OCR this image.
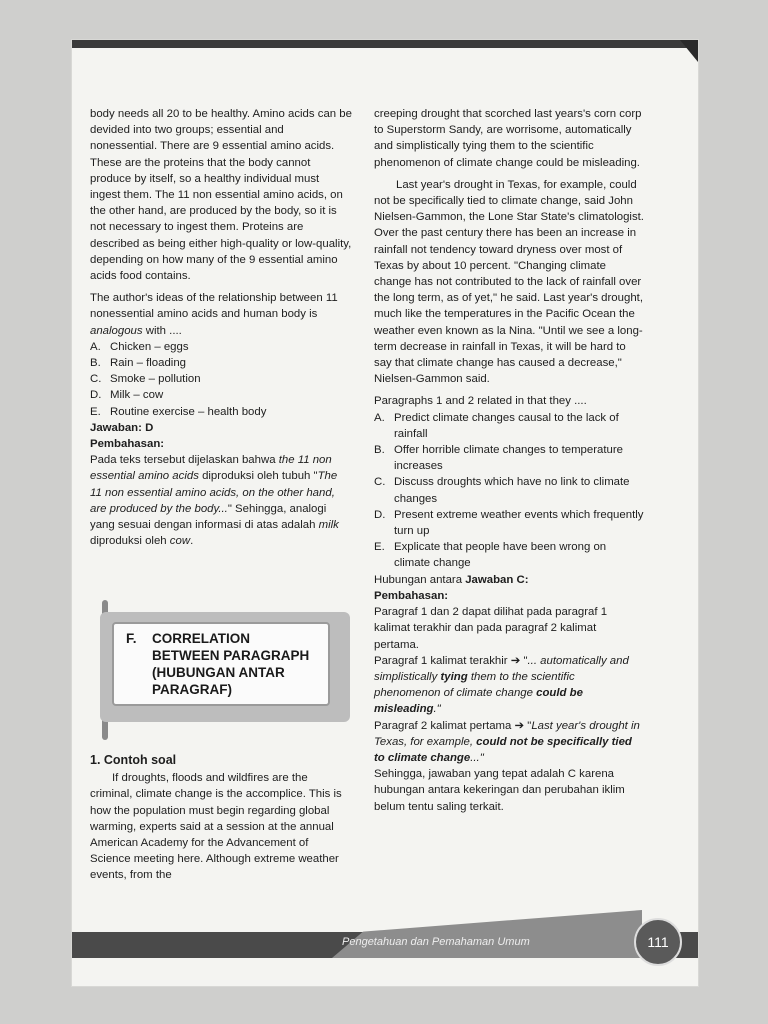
body needs all 20 to be healthy. Amino acids can be devided into two groups; essential and nonessential. There are 9 essential amino acids. These are the proteins that the body cannot produce by itself, so a healthy individual must ingest them. The 11 non essential amino acids, on the other hand, are produced by the body, so it is not necessary to ingest them. Proteins are described as being either high-quality or low-quality, depending on how many of the 9 essential amino acids food contains.

The author's ideas of the relationship between 11 nonessential amino acids and human body is analogous with ....

A. Chicken – eggs
B. Rain – floading
C. Smoke – pollution
D. Milk – cow
E. Routine exercise – health body
Jawaban: D
Pembahasan:

Pada teks tersebut dijelaskan bahwa the 11 non essential amino acids diproduksi oleh tubuh "The 11 non essential amino acids, on the other hand, are produced by the body..." Sehingga, analogi yang sesuai dengan informasi di atas adalah milk diproduksi oleh cow.

F.	CORRELATION
BETWEEN PARAGRAPH
(HUBUNGAN ANTAR
PARAGRAF)
1. Contoh soal

If droughts, floods and wildfires are the criminal, climate change is the accomplice. This is how the population must begin regarding global warming, experts said at a session at the annual American Academy for the Advancement of Science meeting here. Although extreme weather events, from the

creeping drought that scorched last years's corn corp to Superstorm Sandy, are worrisome, automatically and simplistically tying them to the scientific phenomenon of climate change could be misleading.

Last year's drought in Texas, for example, could not be specifically tied to climate change, said John Nielsen-Gammon, the Lone Star State's climatologist. Over the past century there has been an increase in rainfall not tendency toward dryness over most of Texas by about 10 percent. "Changing climate change has not contributed to the lack of rainfall over the long term, as of yet," he said. Last year's drought, much like the temperatures in the Pacific Ocean the weather even known as la Nina. "Until we see a long-term decrease in rainfall in Texas, it will be hard to say that climate change has caused a decrease," Nielsen-Gammon said.

Paragraphs 1 and 2 related in that they ....
A. Predict climate changes causal to the lack of rainfall
B. Offer horrible climate changes to temperature increases
C. Discuss droughts which have no link to climate changes
D. Present extreme weather events which frequently turn up
E. Explicate that people have been wrong on climate change
Hubungan antara Jawaban C:
Pembahasan:
Paragraf 1 dan 2 dapat dilihat pada paragraf 1 kalimat terakhir dan pada paragraf 2 kalimat pertama.
Paragraf 1 kalimat terakhir ➔ "... automatically and simplistically tying them to the scientific phenomenon of climate change could be misleading."
Paragraf 2 kalimat pertama ➔ "Last year's drought in Texas, for example, could not be specifically tied to climate change..."
Sehingga, jawaban yang tepat adalah C karena hubungan antara kekeringan dan perubahan iklim belum tentu saling terkait.
Pengetahuan dan Pemahaman Umum	111
